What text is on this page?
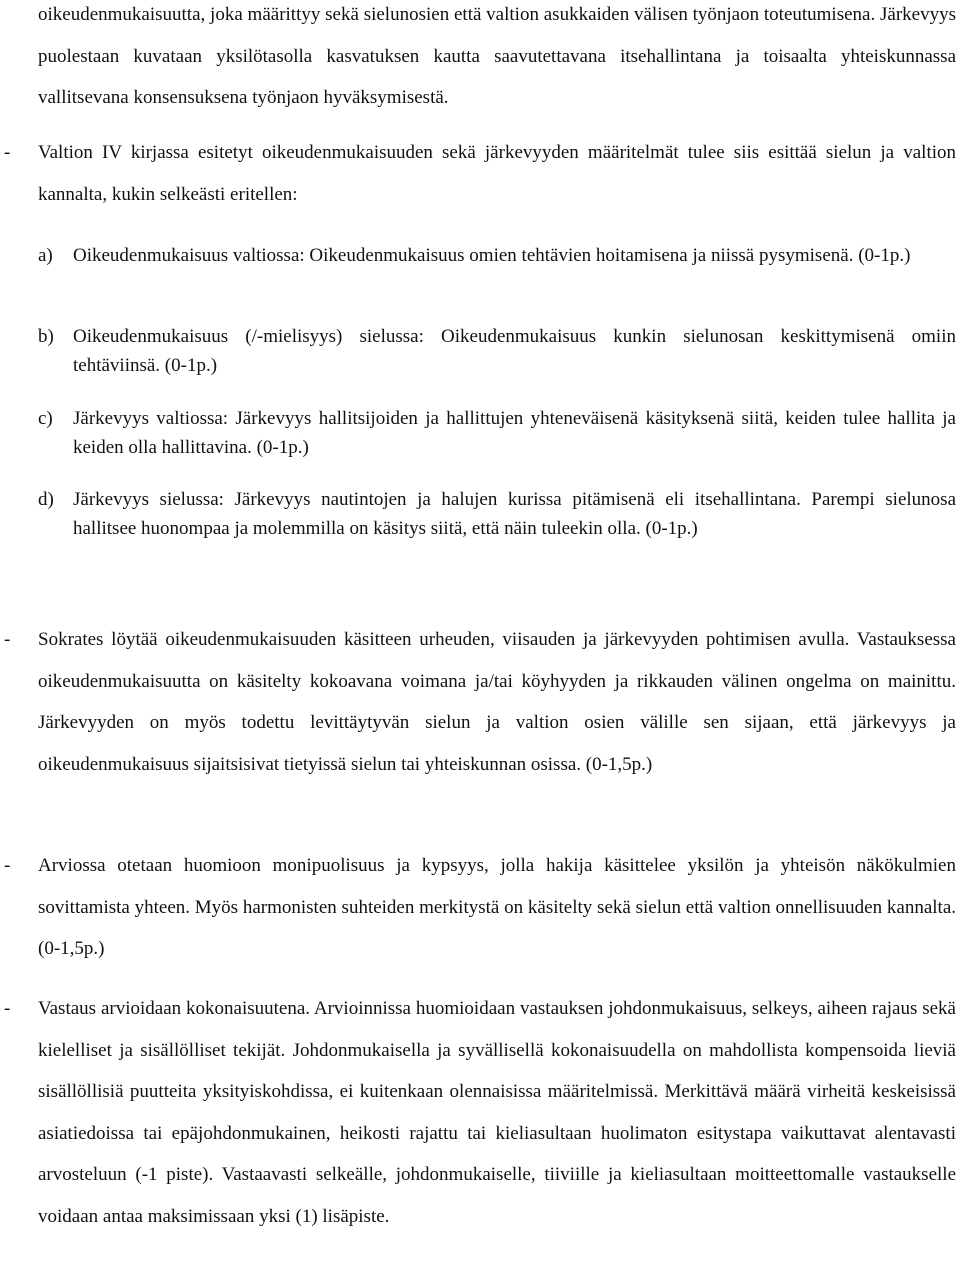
oikeudenmukaisuutta, joka määrittyy sekä sielunosien että valtion asukkaiden välisen työnjaon toteutumisena. Järkevyys puolestaan kuvataan yksilötasolla kasvatuksen kautta saavutettavana itsehallintana ja toisaalta yhteiskunnassa vallitsevana konsensuksena työnjaon hyväksymisestä.

- Valtion IV kirjassa esitetyt oikeudenmukaisuuden sekä järkevyyden määritelmät tulee siis esittää sielun ja valtion kannalta, kukin selkeästi eritellen:
a) Oikeudenmukaisuus valtiossa: Oikeudenmukaisuus omien tehtävien hoitamisena ja niissä pysymisenä. (0-1p.)
b) Oikeudenmukaisuus (/-mielisyys) sielussa: Oikeudenmukaisuus kunkin sielunosan keskittymisenä omiin tehtäviinsä. (0-1p.)
c) Järkevyys valtiossa: Järkevyys hallitsijoiden ja hallittujen yhteneväisenä käsityksenä siitä, keiden tulee hallita ja keiden olla hallittavina. (0-1p.)
d) Järkevyys sielussa: Järkevyys nautintojen ja halujen kurissa pitämisenä eli itsehallintana. Parempi sielunosa hallitsee huonompaa ja molemmilla on käsitys siitä, että näin tuleekin olla. (0-1p.)
- Sokrates löytää oikeudenmukaisuuden käsitteen urheuden, viisauden ja järkevyyden pohtimisen avulla. Vastauksessa oikeudenmukaisuutta on käsitelty kokoavana voimana ja/tai köyhyyden ja rikkauden välinen ongelma on mainittu. Järkevyyden on myös todettu levittäytyvän sielun ja valtion osien välille sen sijaan, että järkevyys ja oikeudenmukaisuus sijaitsisivat tietyissä sielun tai yhteiskunnan osissa. (0-1,5p.)
- Arviossa otetaan huomioon monipuolisuus ja kypsyys, jolla hakija käsittelee yksilön ja yhteisön näkökulmien sovittamista yhteen. Myös harmonisten suhteiden merkitystä on käsitelty sekä sielun että valtion onnellisuuden kannalta. (0-1,5p.)
- Vastaus arvioidaan kokonaisuutena. Arvioinnissa huomioidaan vastauksen johdonmukaisuus, selkeys, aiheen rajaus sekä kielelliset ja sisällölliset tekijät. Johdonmukaisella ja syvällisellä kokonaisuudella on mahdollista kompensoida lieviä sisällöllisiä puutteita yksityiskohdissa, ei kuitenkaan olennaisissa määritelmissä. Merkittävä määrä virheitä keskeisissä asiatiedoissa tai epäjohdonmukainen, heikosti rajattu tai kieliasultaan huolimaton esitystapa vaikuttavat alentavasti arvosteluun (-1 piste). Vastaavasti selkeälle, johdonmukaiselle, tiiviille ja kieliasultaan moitteettomalle vastaukselle voidaan antaa maksimissaan yksi (1) lisäpiste.
